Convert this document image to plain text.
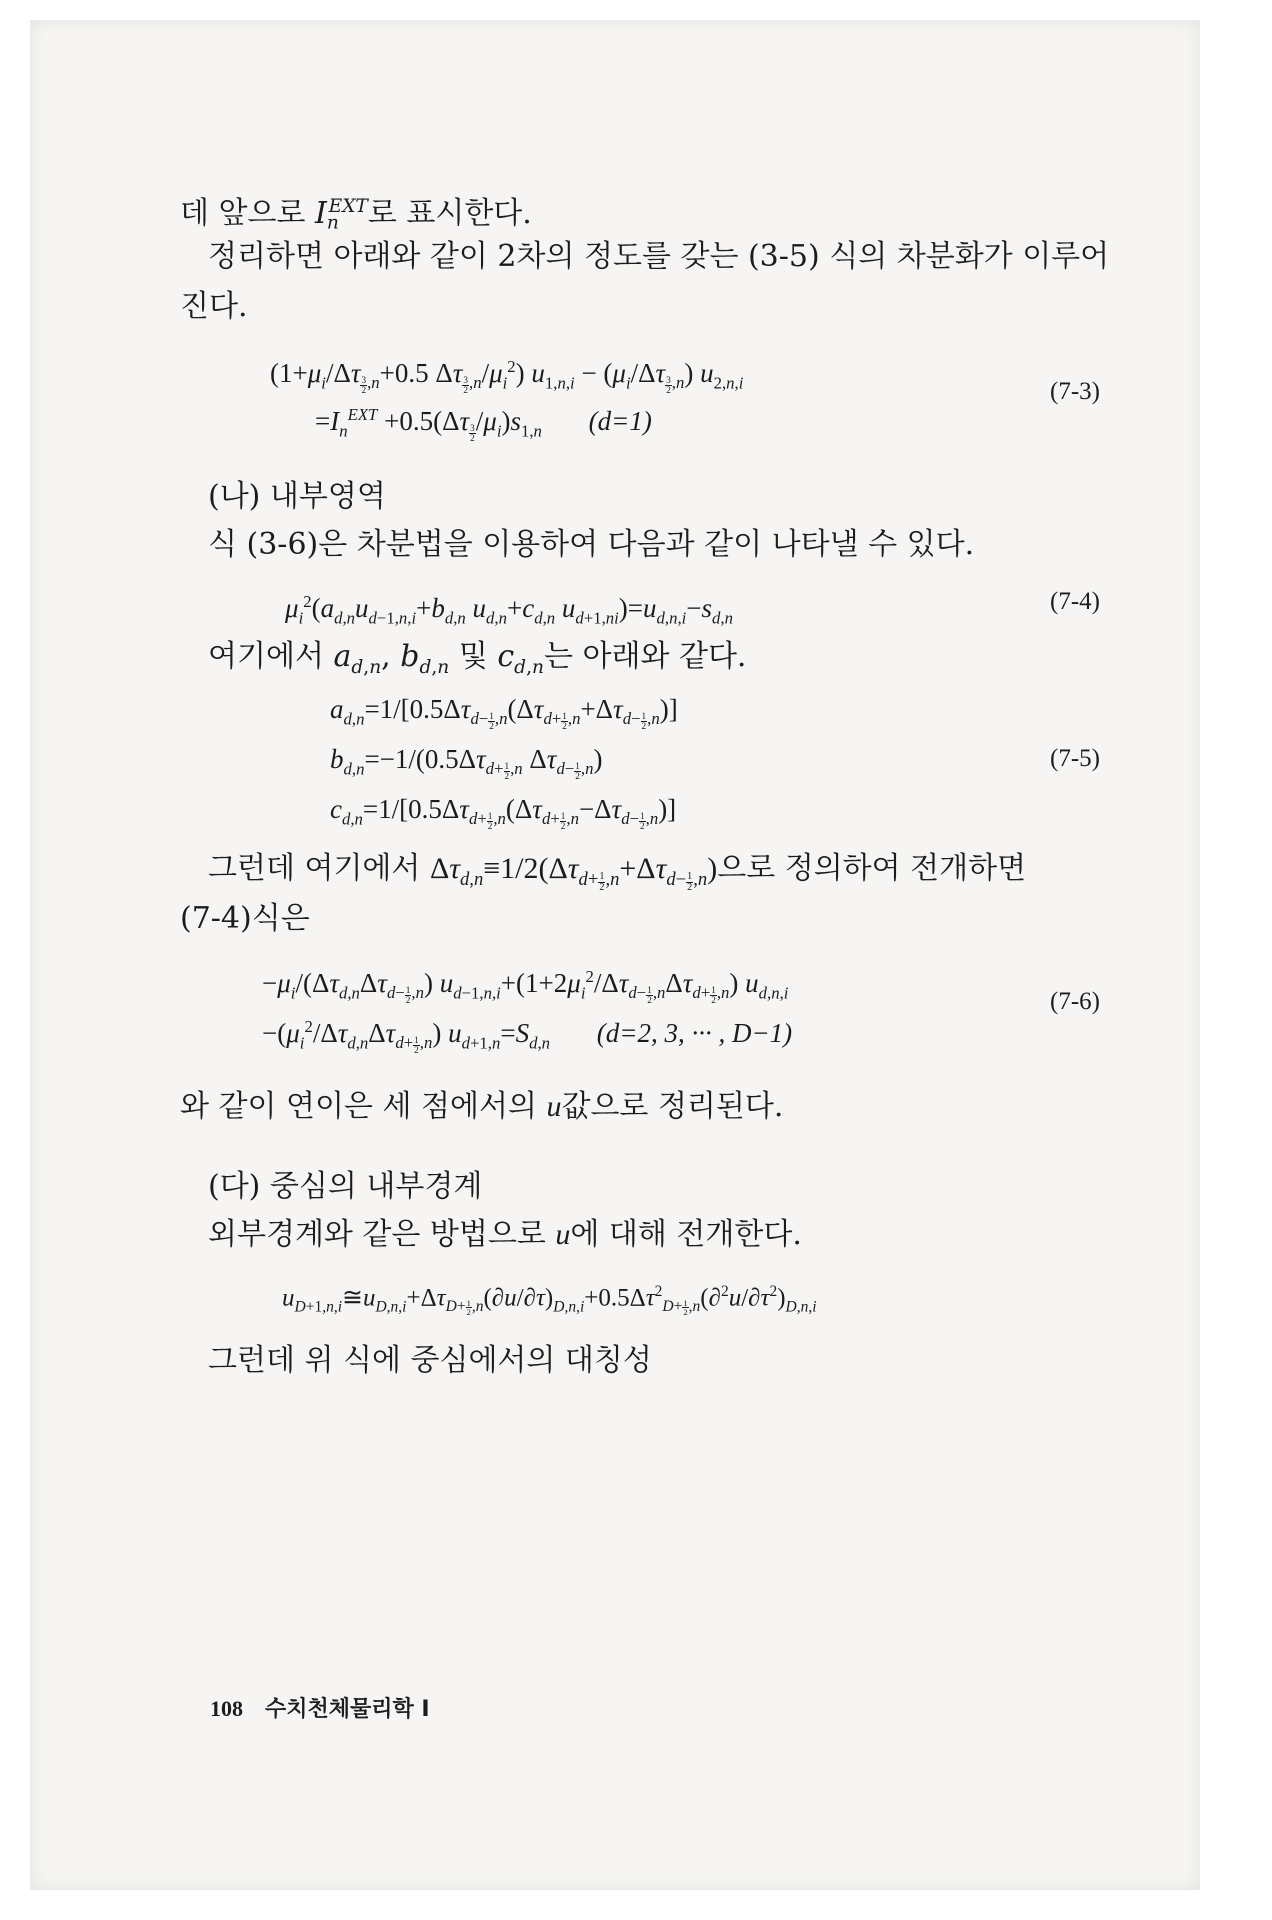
데 앞으로 $I_n^{EXT}$로 표시한다.
정리하면 아래와 같이 2차의 정도를 갖는 (3-5) 식의 차분화가 이루어
진다.
($1+\mu_i/\Delta\tau$ $_{\frac{3}{2} ,n}$+0.5 Δτ $_{\frac{3}{2} ,n}/\mu_i^2$) $u_{1,n,i} - (\mu_i/\Delta\tau$ $_{\frac{3}{2} ,n}$) $u_{2,n,i}$
$=I_n^{EXT} +0.5(\Delta\tau$ $_{\frac{3}{2}}$ $/\mu_i)s_{1,n}$ (d=1)
(7-3)
(나) 내부영역
식 (3-6)은 차분법을 이용하여 다음과 같이 나타낼 수 있다.
$\mu_i^2(a_{d,n}u_{d-1,n,i}+b_{d,n}$ $u_{d,n}+c_{d,n}$ $u_{d+1,ni})=u_{d,n,i}-s_{d,n}$
(7-4)
여기에서 $a_{d,n}$, $b_{d,n}$ 및 $c_{d,n}$는 아래와 같다.
$a_{d,n}=1/[0.5\Delta\tau_{d- \frac{1}{2} ,n}(\Delta\tau_{d+ \frac{1}{2} ,n}+\Delta\tau_{d- \frac{1}{2} ,n})]$
$b_{d,n}=-1/(0.5\Delta\tau_{d+ \frac{1}{2} ,n}$ $\Delta\tau_{d- \frac{1}{2} ,n}$)
$c_{d,n}=1/[0.5\Delta\tau_{d+ \frac{1}{2} ,n}(\Delta\tau_{d+ \frac{1}{2} ,n}-\Delta\tau_{d- \frac{1}{2} ,n})]$
(7-5)
그런데 여기에서 $\Delta\tau_{d,n}\equiv 1/2(\Delta\tau_{d+ \frac{1}{2} ,n}+\Delta\tau_{d- \frac{1}{2} ,n})$으로 정의하여 전개하면
(7-4)식은
$-\mu_i/(\Delta\tau_{d,n}\Delta\tau_{d- \frac{1}{2} ,n})$ $u_{d-1,n,i}+(1+2\mu_i^2/\Delta\tau_{d- \frac{1}{2} ,n}\Delta\tau_{d+ \frac{1}{2} ,n})$ $u_{d,n,i}$
$-(\mu_i^2/\Delta\tau_{d,n}\Delta\tau_{d+ \frac{1}{2} ,n})$ $u_{d+1,n}=S_{d,n}$ (d=2, 3, ··· , D−1)
(7-6)
와 같이 연이은 세 점에서의 u값으로 정리된다.
(다) 중심의 내부경계
외부경계와 같은 방법으로 u에 대해 전개한다.
$u_{D+1,n,i}≅u_{D,n,i}+\Delta\tau_{D+ \frac{1}{2} ,n}(\partial u/\partial\tau)_{D,n,i}+0.5\Delta\tau^2_{D+ \frac{1}{2} ,n}(\partial^2u/\partial\tau^2)_{D,n,i}$
그런데 위 식에 중심에서의 대칭성
108 수치천체물리학 Ⅰ
